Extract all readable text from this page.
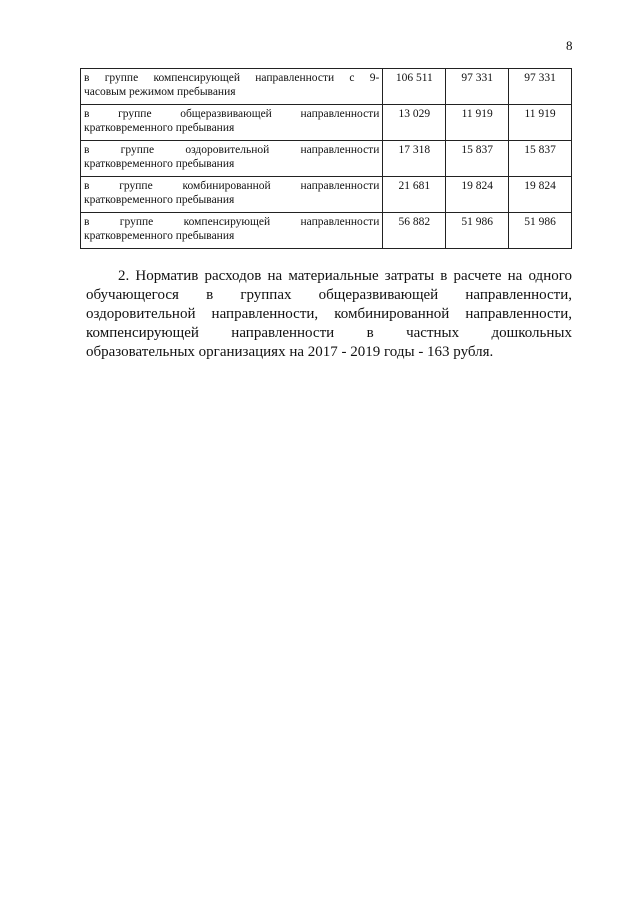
8
в группе компенсирующей направленности с 9-
часовым режимом пребывания	106 511	97 331	97 331

в группе общеразвивающей направленности
кратковременного пребывания	13 029	11 919	11 919

в группе оздоровительной направленности
кратковременного пребывания	17 318	15 837	15 837

в группе комбинированной направленности
кратковременного пребывания	21 681	19 824	19 824

в группе компенсирующей направленности
кратковременного пребывания	56 882	51 986	51 986
2. Норматив расходов на материальные затраты в расчете на одного
обучающегося в группах общеразвивающей направленности,
оздоровительной направленности, комбинированной направленности,
компенсирующей направленности в частных дошкольных
образовательных организациях на 2017 - 2019 годы - 163 рубля.
